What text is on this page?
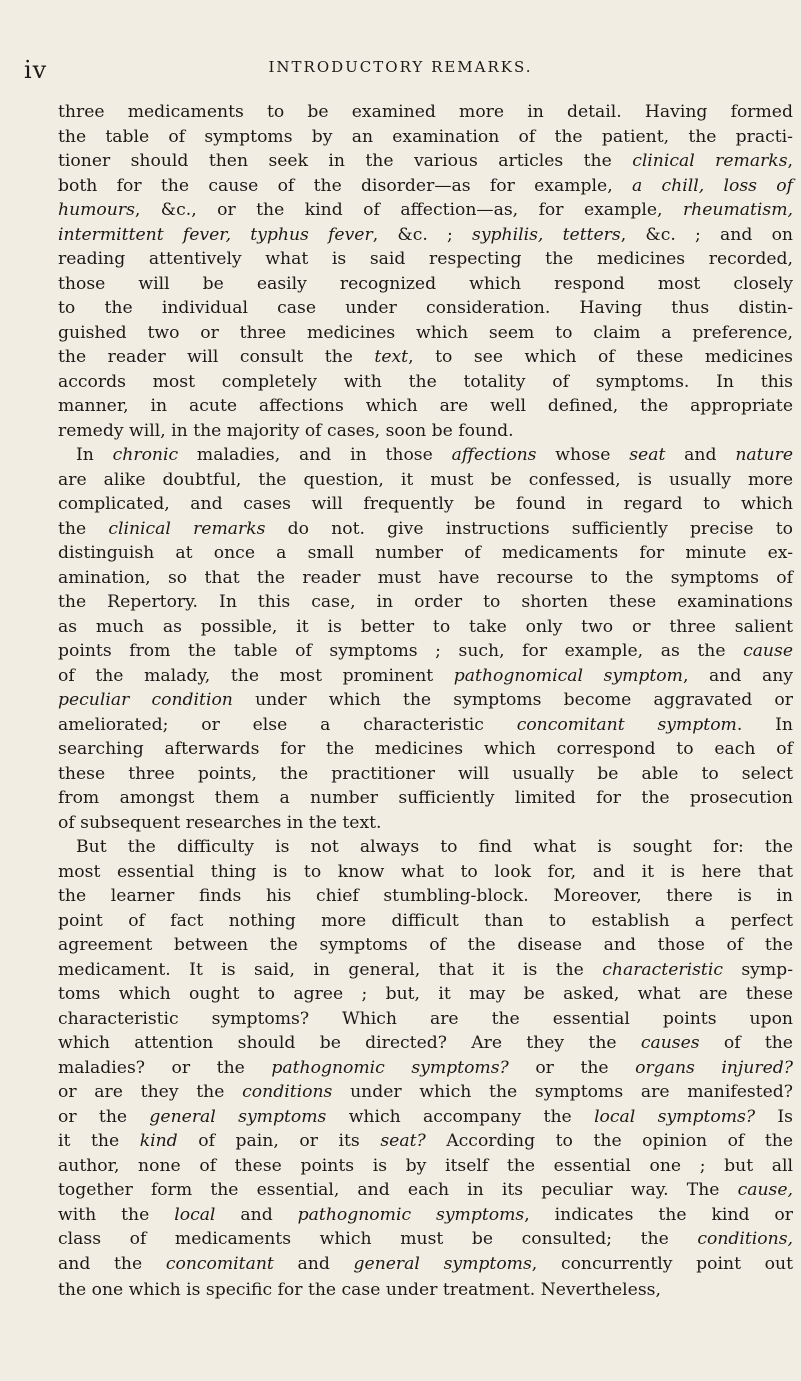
iv	INTRODUCTORY REMARKS.
three medicaments to be examined more in detail. Having formed
the table of symptoms by an examination of the patient, the practi-
tioner should then seek in the various articles the clinical remarks,
both for the cause of the disorder—as for example, a chill, loss of
humours, &c., or the kind of affection—as, for example, rheumatism,
intermittent fever, typhus fever, &c. ; syphilis, tetters, &c. ; and on
reading attentively what is said respecting the medicines recorded,
those will be easily recognized which respond most closely
to the individual case under consideration. Having thus distin-
guished two or three medicines which seem to claim a preference,
the reader will consult the text, to see which of these medicines
accords most completely with the totality of symptoms. In this
manner, in acute affections which are well defined, the appropriate
remedy will, in the majority of cases, soon be found.
In chronic maladies, and in those affections whose seat and nature
are alike doubtful, the question, it must be confessed, is usually more
complicated, and cases will frequently be found in regard to which
the clinical remarks do not. give instructions sufficiently precise to
distinguish at once a small number of medicaments for minute ex-
amination, so that the reader must have recourse to the symptoms of
the Repertory. In this case, in order to shorten these examinations
as much as possible, it is better to take only two or three salient
points from the table of symptoms ; such, for example, as the cause
of the malady, the most prominent pathognomical symptom, and any
peculiar condition under which the symptoms become aggravated or
ameliorated; or else a characteristic concomitant symptom. In
searching afterwards for the medicines which correspond to each of
these three points, the practitioner will usually be able to select
from amongst them a number sufficiently limited for the prosecution
of subsequent researches in the text.
But the difficulty is not always to find what is sought for: the
most essential thing is to know what to look for, and it is here that
the learner finds his chief stumbling-block. Moreover, there is in
point of fact nothing more difficult than to establish a perfect
agreement between the symptoms of the disease and those of the
medicament. It is said, in general, that it is the characteristic symp-
toms which ought to agree ; but, it may be asked, what are these
characteristic symptoms? Which are the essential points upon
which attention should be directed? Are they the causes of the
maladies? or the pathognomic symptoms? or the organs injured?
or are they the conditions under which the symptoms are manifested?
or the general symptoms which accompany the local symptoms? Is
it the kind of pain, or its seat? According to the opinion of the
author, none of these points is by itself the essential one ; but all
together form the essential, and each in its peculiar way. The cause,
with the local and pathognomic symptoms, indicates the kind or
class of medicaments which must be consulted; the conditions,
and the concomitant and general symptoms, concurrently point out
the one which is specific for the case under treatment. Nevertheless,
